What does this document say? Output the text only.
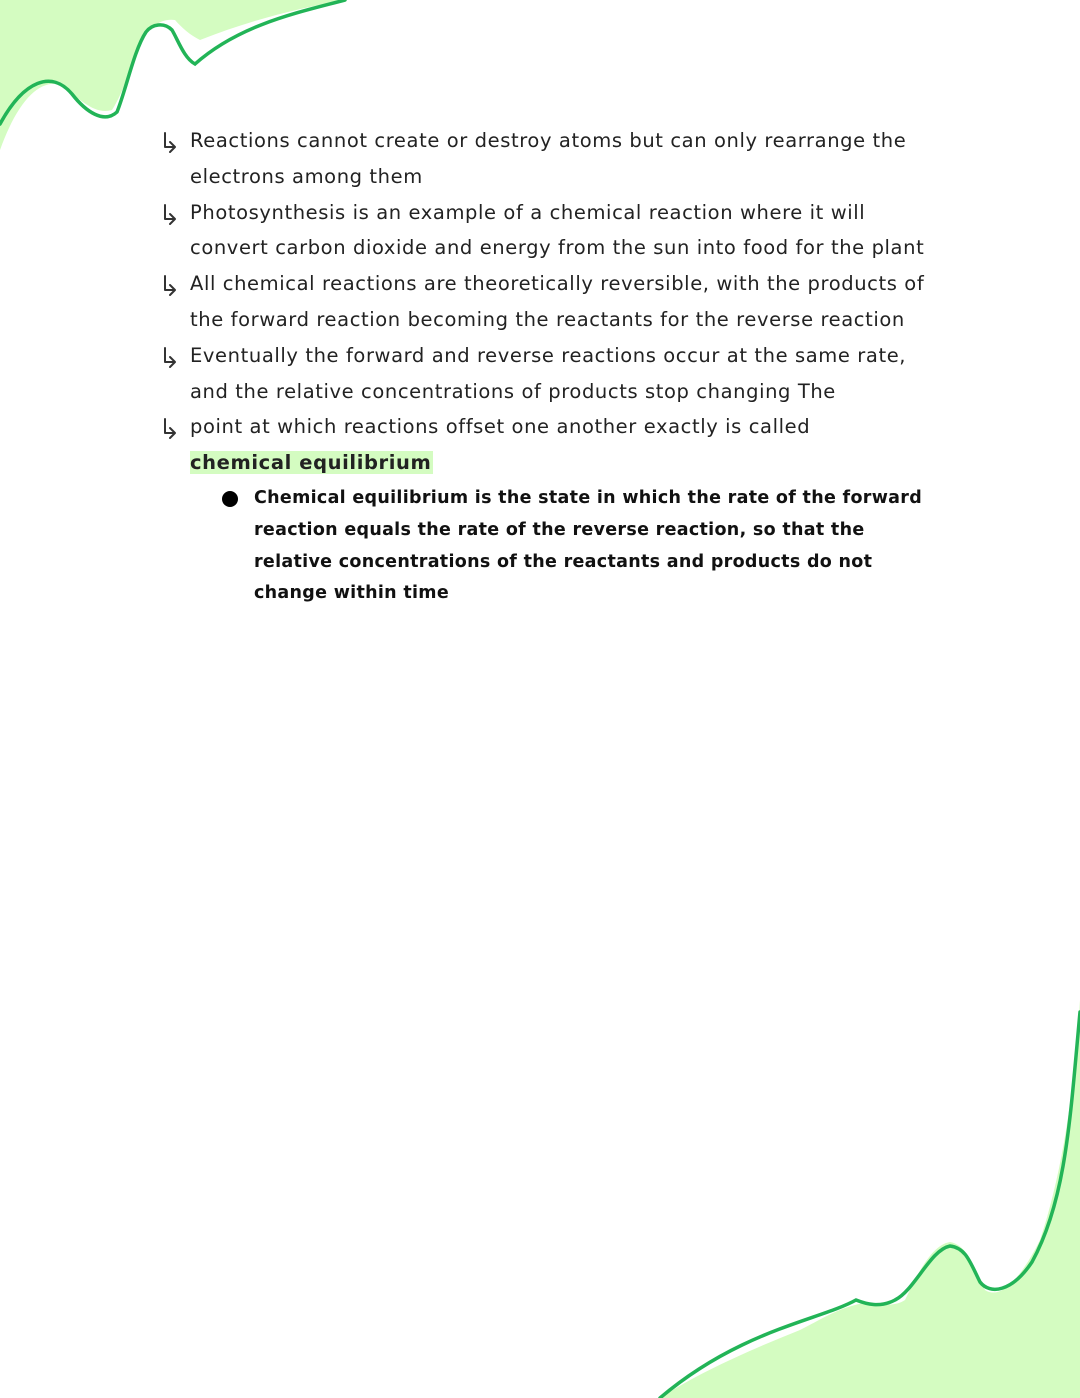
Reactions cannot create or destroy atoms but can only rearrange the electrons among them

Photosynthesis is an example of a chemical reaction where it will convert carbon dioxide and energy from the sun into food for the plant

All chemical reactions are theoretically reversible, with the products of the forward reaction becoming the reactants for the reverse reaction

Eventually the forward and reverse reactions occur at the same rate, and the relative concentrations of products stop changing The

point at which reactions offset one another exactly is called
chemical equilibrium

Chemical equilibrium is the state in which the rate of the forward reaction equals the rate of the reverse reaction, so that the relative concentrations of the reactants and products do not change within time
